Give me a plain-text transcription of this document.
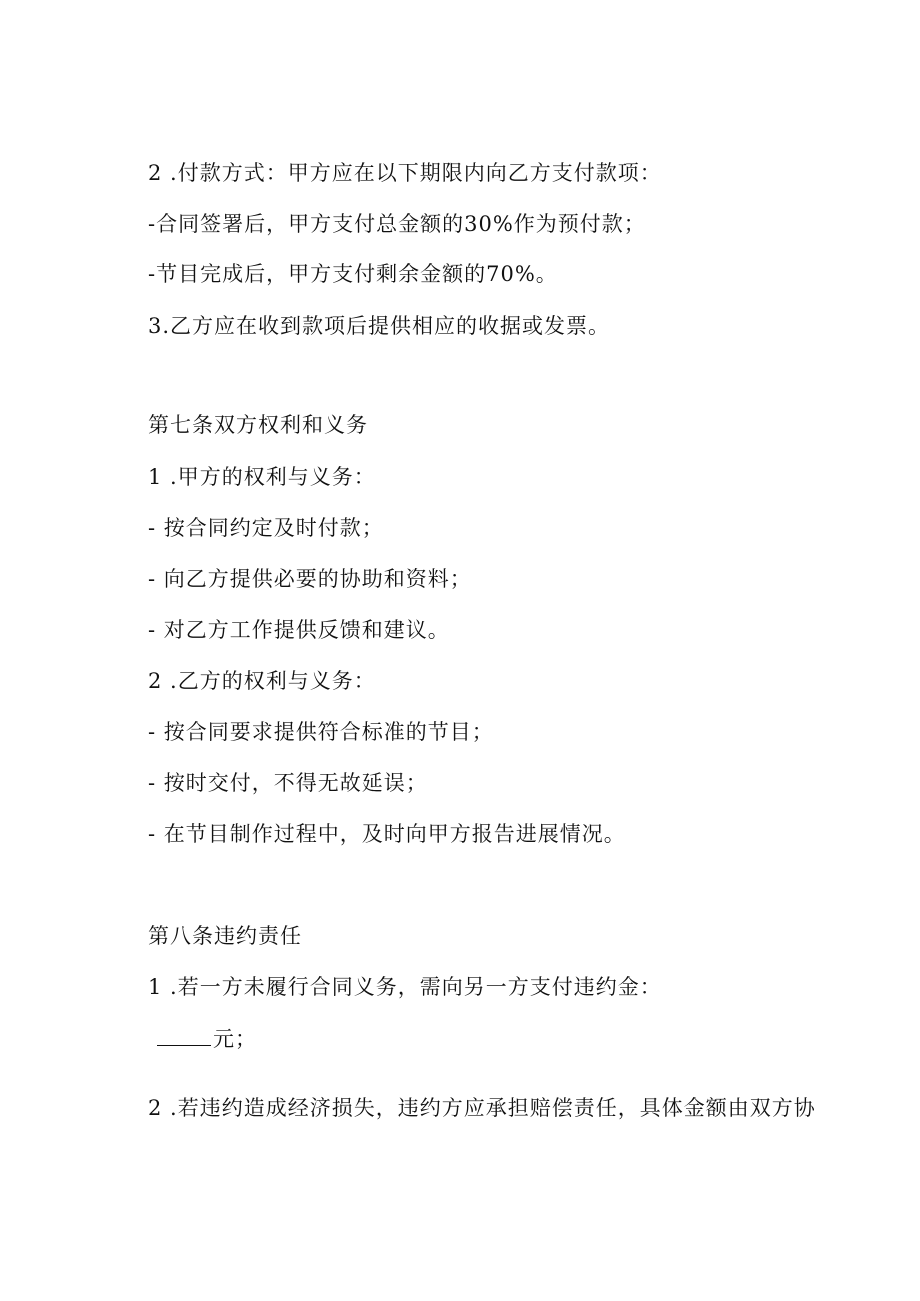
2 .付款方式：甲方应在以下期限内向乙方支付款项：
-合同签署后，甲方支付总金额的30%作为预付款；
-节目完成后，甲方支付剩余金额的70%。
3.乙方应在收到款项后提供相应的收据或发票。
第七条双方权利和义务
1 .甲方的权利与义务：
- 按合同约定及时付款；
- 向乙方提供必要的协助和资料；
- 对乙方工作提供反馈和建议。
2 .乙方的权利与义务：
- 按合同要求提供符合标准的节目；
- 按时交付，不得无故延误；
- 在节目制作过程中，及时向甲方报告进展情况。
第八条违约责任
1 .若一方未履行合同义务，需向另一方支付违约金：
元；
2 .若违约造成经济损失，违约方应承担赔偿责任，具体金额由双方协
